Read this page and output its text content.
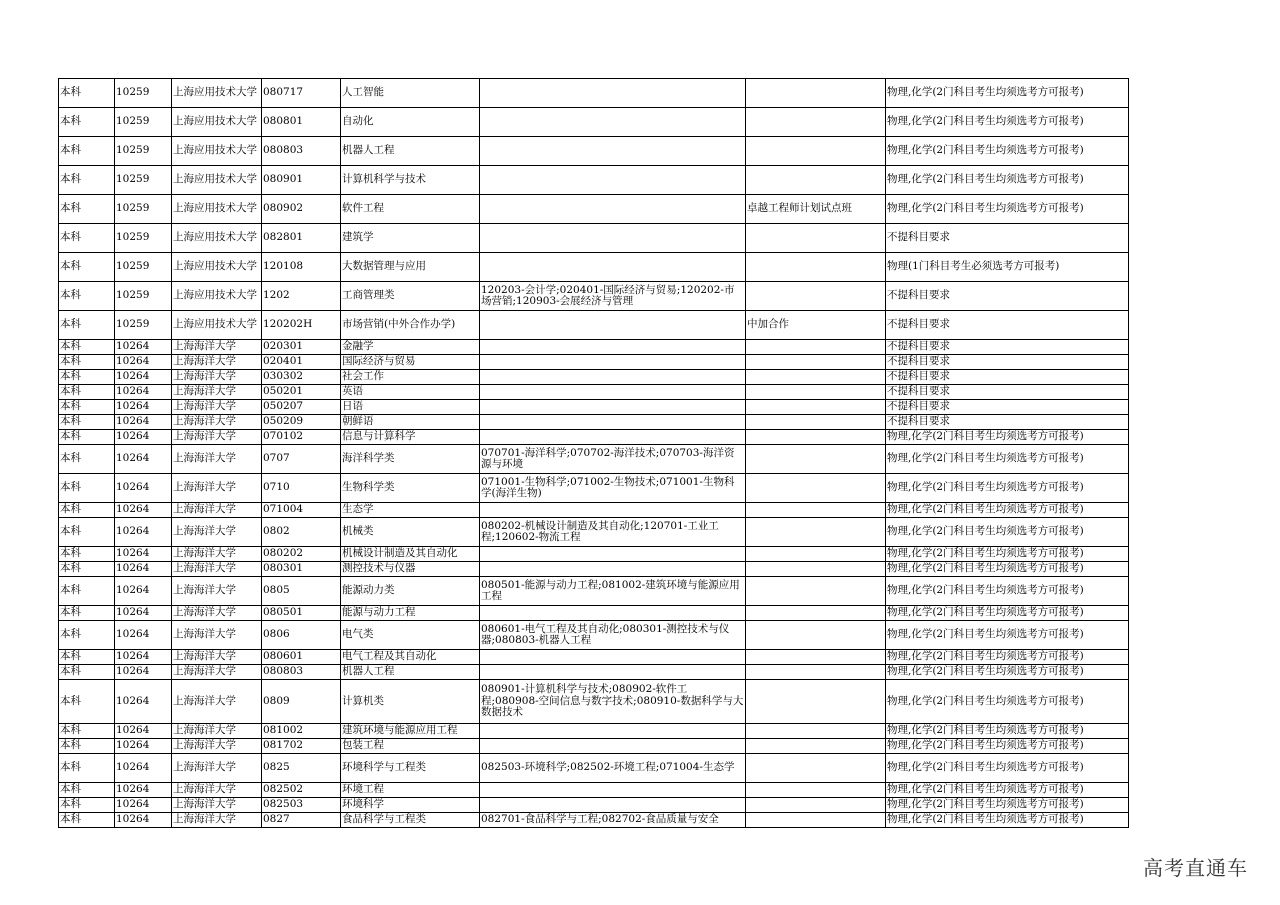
本科	10259	上海应用技术大学	080717	人工智能			物理,化学(2门科目考生均须选考方可报考)
本科	10259	上海应用技术大学	080801	自动化			物理,化学(2门科目考生均须选考方可报考)
本科	10259	上海应用技术大学	080803	机器人工程			物理,化学(2门科目考生均须选考方可报考)
本科	10259	上海应用技术大学	080901	计算机科学与技术			物理,化学(2门科目考生均须选考方可报考)
本科	10259	上海应用技术大学	080902	软件工程		卓越工程师计划试点班	物理,化学(2门科目考生均须选考方可报考)
本科	10259	上海应用技术大学	082801	建筑学			不提科目要求
本科	10259	上海应用技术大学	120108	大数据管理与应用			物理(1门科目考生必须选考方可报考)
本科	10259	上海应用技术大学	1202	工商管理类	120203-会计学;020401-国际经济与贸易;120202-市场营销;120903-会展经济与管理		不提科目要求
本科	10259	上海应用技术大学	120202H	市场营销(中外合作办学)		中加合作	不提科目要求
本科	10264	上海海洋大学	020301	金融学			不提科目要求
本科	10264	上海海洋大学	020401	国际经济与贸易			不提科目要求
本科	10264	上海海洋大学	030302	社会工作			不提科目要求
本科	10264	上海海洋大学	050201	英语			不提科目要求
本科	10264	上海海洋大学	050207	日语			不提科目要求
本科	10264	上海海洋大学	050209	朝鲜语			不提科目要求
本科	10264	上海海洋大学	070102	信息与计算科学			物理,化学(2门科目考生均须选考方可报考)
本科	10264	上海海洋大学	0707	海洋科学类	070701-海洋科学;070702-海洋技术;070703-海洋资源与环境		物理,化学(2门科目考生均须选考方可报考)
本科	10264	上海海洋大学	0710	生物科学类	071001-生物科学;071002-生物技术;071001-生物科学(海洋生物)		物理,化学(2门科目考生均须选考方可报考)
本科	10264	上海海洋大学	071004	生态学			物理,化学(2门科目考生均须选考方可报考)
本科	10264	上海海洋大学	0802	机械类	080202-机械设计制造及其自动化;120701-工业工程;120602-物流工程		物理,化学(2门科目考生均须选考方可报考)
本科	10264	上海海洋大学	080202	机械设计制造及其自动化			物理,化学(2门科目考生均须选考方可报考)
本科	10264	上海海洋大学	080301	测控技术与仪器			物理,化学(2门科目考生均须选考方可报考)
本科	10264	上海海洋大学	0805	能源动力类	080501-能源与动力工程;081002-建筑环境与能源应用工程		物理,化学(2门科目考生均须选考方可报考)
本科	10264	上海海洋大学	080501	能源与动力工程			物理,化学(2门科目考生均须选考方可报考)
本科	10264	上海海洋大学	0806	电气类	080601-电气工程及其自动化;080301-测控技术与仪器;080803-机器人工程		物理,化学(2门科目考生均须选考方可报考)
本科	10264	上海海洋大学	080601	电气工程及其自动化			物理,化学(2门科目考生均须选考方可报考)
本科	10264	上海海洋大学	080803	机器人工程			物理,化学(2门科目考生均须选考方可报考)
本科	10264	上海海洋大学	0809	计算机类	080901-计算机科学与技术;080902-软件工程;080908-空间信息与数字技术;080910-数据科学与大数据技术		物理,化学(2门科目考生均须选考方可报考)
本科	10264	上海海洋大学	081002	建筑环境与能源应用工程			物理,化学(2门科目考生均须选考方可报考)
本科	10264	上海海洋大学	081702	包装工程			物理,化学(2门科目考生均须选考方可报考)
本科	10264	上海海洋大学	0825	环境科学与工程类	082503-环境科学;082502-环境工程;071004-生态学		物理,化学(2门科目考生均须选考方可报考)
本科	10264	上海海洋大学	082502	环境工程			物理,化学(2门科目考生均须选考方可报考)
本科	10264	上海海洋大学	082503	环境科学			物理,化学(2门科目考生均须选考方可报考)
本科	10264	上海海洋大学	0827	食品科学与工程类	082701-食品科学与工程;082702-食品质量与安全		物理,化学(2门科目考生均须选考方可报考)
高考直通车
